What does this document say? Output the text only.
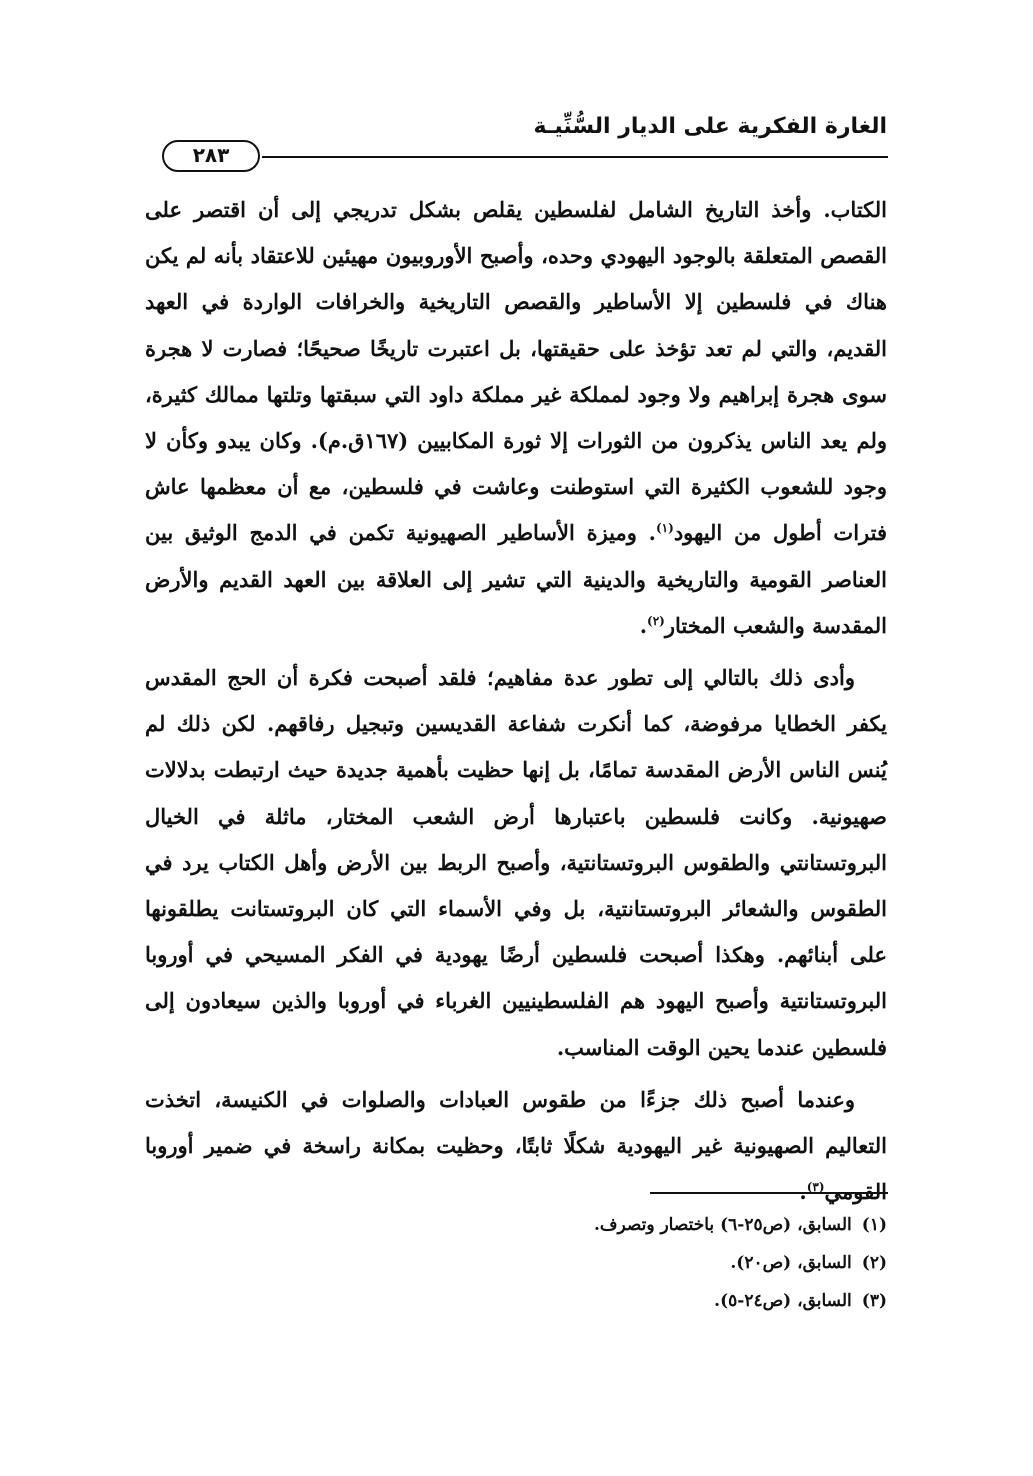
الغارة الفكرية على الديار السُّنِّيـة
٢٨٣

الكتاب. وأخذ التاريخ الشامل لفلسطين يقلص بشكل تدريجي إلى أن اقتصر على القصص المتعلقة بالوجود اليهودي وحده، وأصبح الأوروبيون مهيئين للاعتقاد بأنه لم يكن هناك في فلسطين إلا الأساطير والقصص التاريخية والخرافات الواردة في العهد القديم، والتي لم تعد تؤخذ على حقيقتها، بل اعتبرت تاريخًا صحيحًا؛ فصارت لا هجرة سوى هجرة إبراهيم ولا وجود لمملكة غير مملكة داود التي سبقتها وتلتها ممالك كثيرة، ولم يعد الناس يذكرون من الثورات إلا ثورة المكابيين (١٦٧ق.م). وكان يبدو وكأن لا وجود للشعوب الكثيرة التي استوطنت وعاشت في فلسطين، مع أن معظمها عاش فترات أطول من اليهود$^{(١)}$. وميزة الأساطير الصهيونية تكمن في الدمج الوثيق بين العناصر القومية والتاريخية والدينية التي تشير إلى العلاقة بين العهد القديم والأرض المقدسة والشعب المختار$^{(٢)}$.

وأدى ذلك بالتالي إلى تطور عدة مفاهيم؛ فلقد أصبحت فكرة أن الحج المقدس يكفر الخطايا مرفوضة، كما أنكرت شفاعة القديسين وتبجيل رفاقهم. لكن ذلك لم يُنس الناس الأرض المقدسة تمامًا، بل إنها حظيت بأهمية جديدة حيث ارتبطت بدلالات صهيونية. وكانت فلسطين باعتبارها أرض الشعب المختار، ماثلة في الخيال البروتستانتي والطقوس البروتستانتية، وأصبح الربط بين الأرض وأهل الكتاب يرد في الطقوس والشعائر البروتستانتية، بل وفي الأسماء التي كان البروتستانت يطلقونها على أبنائهم. وهكذا أصبحت فلسطين أرضًا يهودية في الفكر المسيحي في أوروبا البروتستانتية وأصبح اليهود هم الفلسطينيين الغرباء في أوروبا والذين سيعادون إلى فلسطين عندما يحين الوقت المناسب.

وعندما أصبح ذلك جزءًا من طقوس العبادات والصلوات في الكنيسة، اتخذت التعاليم الصهيونية غير اليهودية شكلًا ثابتًا، وحظيت بمكانة راسخة في ضمير أوروبا القومي$^{(٣)}$.

(١)السابق، (ص٢٥-٦) باختصار وتصرف.
(٢)السابق، (ص٢٠).
(٣)السابق، (ص٢٤-٥).
